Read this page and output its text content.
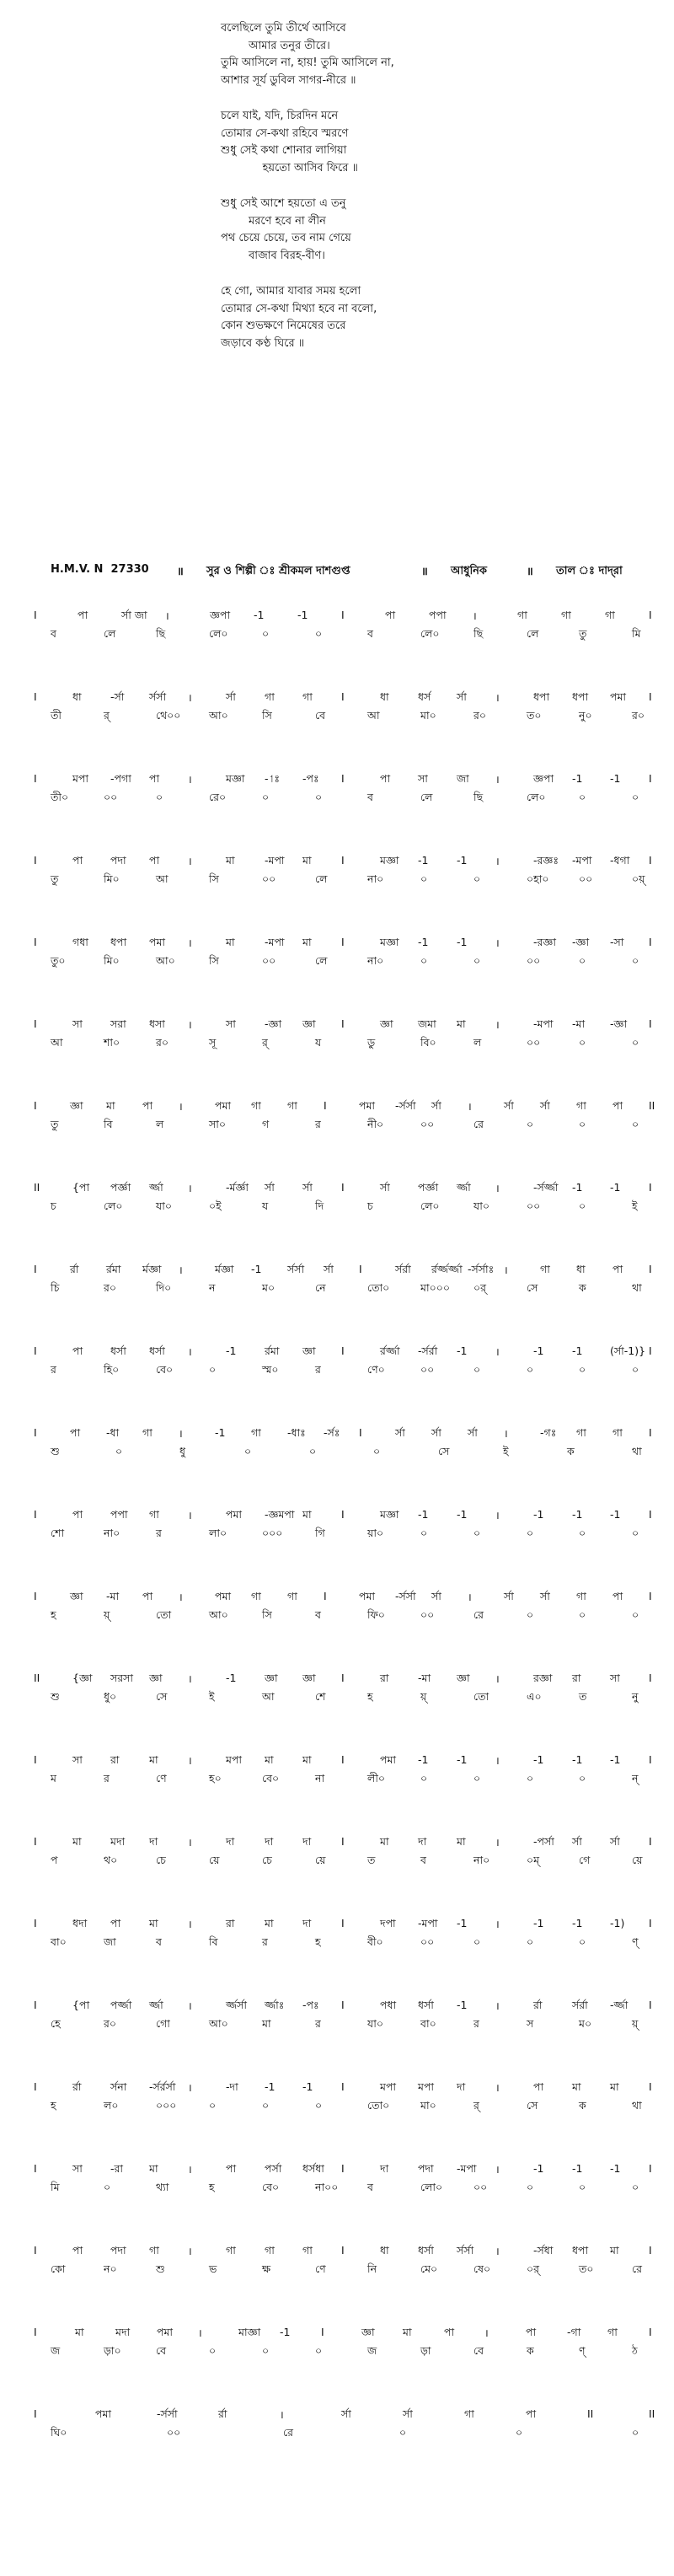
বলেছিলে তুমি তীর্থে আসিবে
আমার তনুর তীরে।
তুমি আসিলে না, হায়! তুমি আসিলে না,
আশার সূর্য ডুবিল সাগর-নীরে ॥
চলে যাই, যদি, চিরদিন মনে
তোমার সে-কথা রহিবে স্মরণে
শুধু সেই কথা শোনার লাগিয়া
হয়তো আসিব ফিরে ॥
শুধু সেই আশে হয়তো এ তনু
মরণে হবে না লীন
পথ চেয়ে চেয়ে, তব নাম গেয়ে
বাজাব বিরহ-বীণ।
হে গো, আমার যাবার সময় হলো
তোমার সে-কথা মিথ্যা হবে না বলো,
কোন শুভক্ষণে নিমেষের তরে
জড়াবে কণ্ঠ ঘিরে ॥
H.M.V. N  27330	॥ সুর ও শিল্পী ঃ শ্রীকমল দাশগুপ্ত	॥ আধুনিক	॥ তাল ঃ দাদ্‌রা
I	পা	র্সা জা ।	জ্ঞপা -1	-1	I	পা	পপা	।	গা	গা	গা	I
ব	লে	ছি	লে০	০	০	ব	লে০	ছি	লে	তু	মি
I	ধা	-র্সা র্সর্সা ।	র্সা	গা	গা	I	ধা	ধর্স র্সা	।	ধপা ধপা পমা I
তী	র্‌	থে০০	আ০	সি	বে	আ	মা০	র০	ত০	নু০	র০
I	মপা -পগা পা	।	মজ্ঞা -1ঃ -পঃ I	পা	সা	জা ।	জ্ঞপা -1	-1	I
তী০	০০	০	রে০	০	০	ব	লে	ছি	লে০	০	০
I	পা	পদা পা	।	মা	-মপা মা	I	মজ্ঞা -1	-1	।	-রজ্ঞঃ -মপা -ধগা I
তু	মি০	আ	সি	০০	লে	না০	০	০	০হা০	০০	০য়্‌
I	গধা ধপা পমা ।	মা	-মপা মা	I	মজ্ঞা -1	-1	।	-রজ্ঞা -জ্ঞা -সা I
তু০	মি০	আ০	সি	০০	লে	না০	০	০	০০	০	০
I	সা	সরা ধসা ।	সা	-জ্ঞা জ্ঞা I	জ্ঞা জমা মা	।	-মপা -মা -জ্ঞা I
আ	শা০	র০	সূ	র্‌	য	ডু	বি০	ল	০০	০	০
I	জ্ঞা মা	পা ।	পমা গা গা I	পমা -র্সর্সা র্সা ।	র্সা র্সা গা পা II
তু	বি	ল	সা০	গ	র	নী০	০০	রে	০	০	০
II	{পা পর্জ্ঞা র্জ্জা ।	-র্মর্জ্ঞা র্সা	র্সা	I	র্সা	পর্জ্ঞা র্জ্জা ।	-র্সর্জ্জা -1	-1	I
চ	লে০	যা০	০ই	য	দি	চ	লে০	যা০	০০	০	ই
I	র্রা	র্রমা র্মজ্ঞা ।	র্মজ্ঞা -1 র্সর্সা র্সা I	র্সর্রা র্রর্জ্জর্জ্জা -র্সর্সাঃ ।	গা ধা	পা I
চি	র০	দি০	ন	ম০	নে	তো০	মা০০০ ০র্‌	সে	ক	থা
I	পা	ধর্সা ধর্সা ।	-1	র্রমা জ্ঞা I	র্রর্জ্জা -র্সর্রা -1	।	-1	-1	(র্সা-1)} I
র	হি০	বে০	০	স্ম০	র	ণে০	০০	০	০	০	০
I	পা -ধা গা ।	-1 গা -ধাঃ -র্সঃ I	র্সা র্সা র্সা ।	-গঃ গা গা I
শু	০	ধু	০	০	০	সে	ই	ক	থা
I	পা	পপা গা	।	পমা -জ্ঞমপা মা	I	মজ্ঞা -1	-1	।	-1	-1	-1	I
শো	না০	র	লা০	০০০	গি	য়া০	০	০	০	০	০
I	জ্ঞা -মা পা ।	পমা গা গা I	পমা -র্সর্সা র্সা ।	র্সা র্সা গা পা I
হ	য়্‌	তো	আ০	সি	ব	ফি০	০০	রে	০	০	০
II	{জ্ঞা সরসা জ্ঞা ।	-1	জ্ঞা জ্ঞা I	রা	-মা জ্ঞা ।	রজ্ঞা রা	সা	I
শু	ধু০	সে	ই	আ	শে	হ	য়্‌	তো	এ০	ত	নু
I	সা	রা	মা	।	মপা মা	মা	I	পমা -1	-1	।	-1	-1	-1	I
ম	র	ণে	হ০	বে০	না	লী০	০	০	০	০	ন্‌
I	মা	মদা দা	।	দা	দা	দা	I	মা	দা	মা	।	-পর্সা র্সা	র্সা	I
প	থ০	চে	য়ে	চে	য়ে	ত	ব	না০	০ম্‌	গে	য়ে
I	ধদা পা	মা	।	রা	মা	দা	I	দপা -মপা -1	।	-1	-1	-1) I
বা০	জা	ব	বি	র	হ	বী০	০০	০	০	০	ণ্‌
I	{পা পর্জ্জা র্জ্জা ।	র্জ্জর্সা র্জ্জাঃ -পঃ I	পধা ধর্সা -1	।	র্রা	র্সর্রা -র্জ্জা I
হে	র০	গো	আ০	মা	র	যা০	বা০	র	স	ম০	য়্‌
I	র্রা	র্সনা -র্সর্রর্সা ।	-দা	-1	-1	I	মপা মপা দা	।	পা	মা	মা	I
হ	ল০	০০০	০	০	০	তো০	মা০	র্‌	সে	ক	থা
I	সা	-রা মা	।	পা	পর্সা ধর্সধা I	দা	পদা -মপা ।	-1	-1	-1	I
মি	০	থ্যা	হ	বে০	না০০	ব	লো০	০০	০	০	০
I	পা	পদা গা	।	গা	গা	গা	I	ধা	ধর্সা র্সর্সা ।	-র্সধা ধপা মা	I
কো	ন০	শু	ভ	ক্ষ	ণে	নি	মে০	ষে০	০র্‌	ত০	রে
I	মা	মদা	পমা ।	মাজ্ঞা -1	I	জ্ঞা	মা	পা	।	পা	-গা	গা	I
জ	ড়া০	বে	০	০	০	জ	ড়া	বে	ক	ণ্‌	ঠ
I	পমা	-র্সর্সা	র্রা	।	র্সা	র্সা	গা	পা	II	II
ঘি০	০০	রে	০	০	০
